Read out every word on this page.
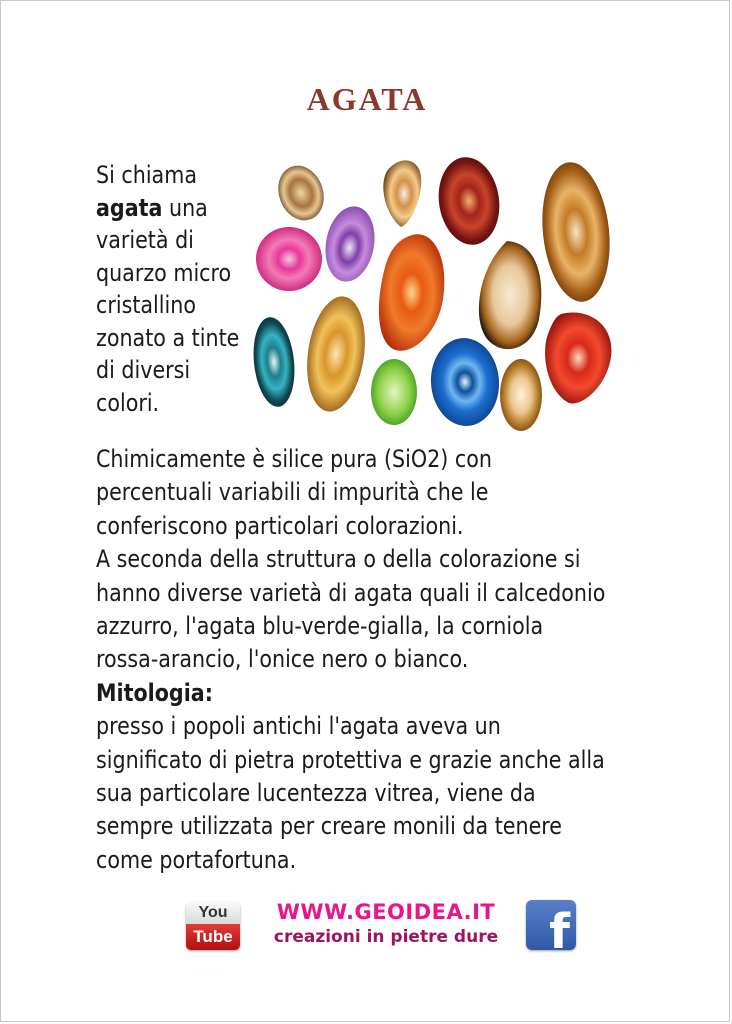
AGATA
Si chiama
agata una
varietà di
quarzo micro
cristallino
zonato a tinte
di diversi
colori.
Chimicamente è silice pura (SiO2) con
percentuali variabili di impurità che le
conferiscono particolari colorazioni.
A seconda della struttura o della colorazione si
hanno diverse varietà di agata quali il calcedonio
azzurro, l'agata blu-verde-gialla, la corniola
rossa-arancio, l'onice nero o bianco.
Mitologia:
presso i popoli antichi l'agata aveva un
significato di pietra protettiva e grazie anche alla
sua particolare lucentezza vitrea, viene da
sempre utilizzata per creare monili da tenere
come portafortuna.
You
Tube
WWW.GEOIDEA.IT
creazioni in pietre dure	f
